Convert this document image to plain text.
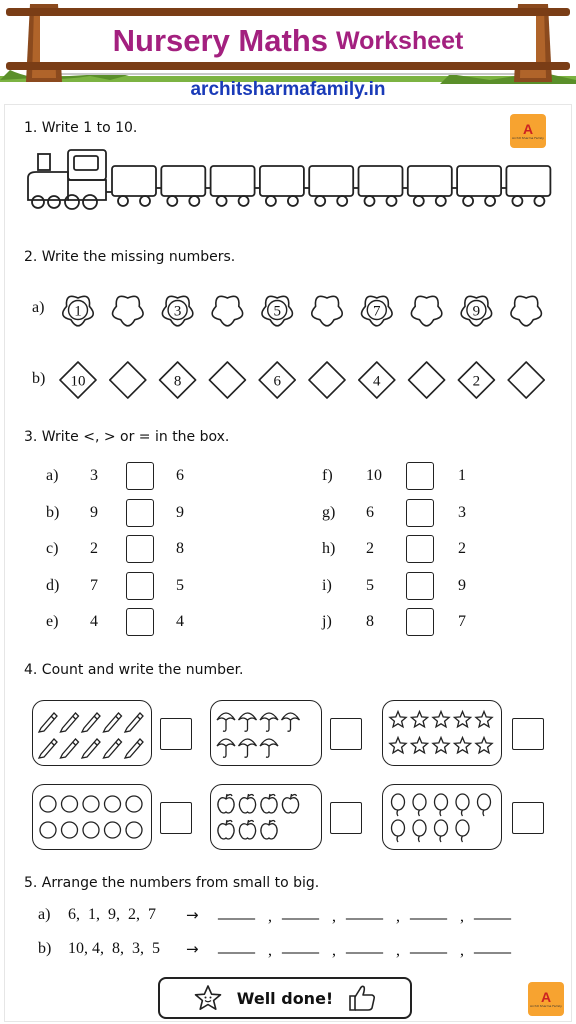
Nursery Maths Worksheet
architsharmafamily.in
A
Archit Sharma Family
1. Write 1 to 10.
2. Write the missing numbers.
a) 1	3	5	7	9
b) 10	8	6	4	2
3. Write <, > or = in the box.
a) 3	6
b) 9	9
c) 2	8
d) 7	5
e) 4	4
f) 10	1
g) 6	3
h) 2	2
i) 5	9
j) 8	7
4. Count and write the number.
5. Arrange the numbers from small to big.
a) 6,  1,  9,  2,  7 → ______ , ______ , ______ , ______ , ______
b) 10, 4,  8,  3,  5 → ______ , ______ , ______ , ______ , ______
Well done!	A
Archit Sharma Family
